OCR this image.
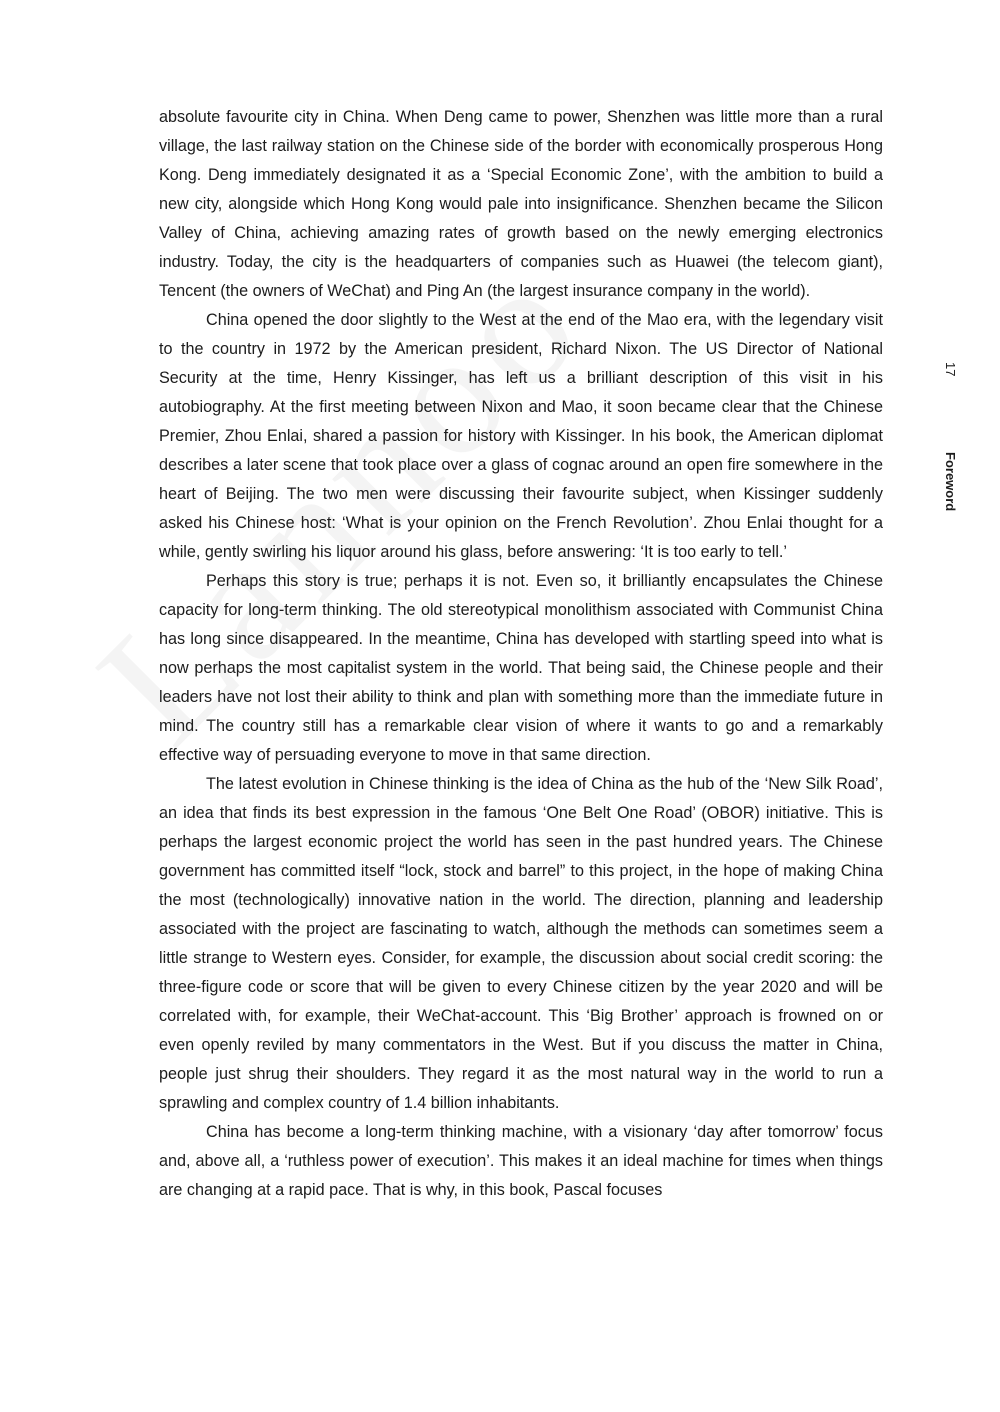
absolute favourite city in China. When Deng came to power, Shenzhen was little more than a rural village, the last railway station on the Chinese side of the border with economically prosperous Hong Kong. Deng immediately designated it as a ‘Special Economic Zone’, with the ambition to build a new city, alongside which Hong Kong would pale into insignificance. Shenzhen became the Silicon Valley of China, achieving amazing rates of growth based on the newly emerging electronics industry. Today, the city is the headquarters of companies such as Huawei (the telecom giant), Tencent (the owners of WeChat) and Ping An (the largest insurance company in the world).

China opened the door slightly to the West at the end of the Mao era, with the legendary visit to the country in 1972 by the American president, Richard Nixon. The US Director of National Security at the time, Henry Kissinger, has left us a brilliant description of this visit in his autobiography. At the first meeting between Nixon and Mao, it soon became clear that the Chinese Premier, Zhou Enlai, shared a passion for history with Kissinger. In his book, the American diplomat describes a later scene that took place over a glass of cognac around an open fire somewhere in the heart of Beijing. The two men were discussing their favourite subject, when Kissinger suddenly asked his Chinese host: ‘What is your opinion on the French Revolution’. Zhou Enlai thought for a while, gently swirling his liquor around his glass, before answering: ‘It is too early to tell.’

Perhaps this story is true; perhaps it is not. Even so, it brilliantly encapsulates the Chinese capacity for long-term thinking. The old stereotypical monolithism associated with Communist China has long since disappeared. In the meantime, China has developed with startling speed into what is now perhaps the most capitalist system in the world. That being said, the Chinese people and their leaders have not lost their ability to think and plan with something more than the immediate future in mind. The country still has a remarkable clear vision of where it wants to go and a remarkably effective way of persuading everyone to move in that same direction.

The latest evolution in Chinese thinking is the idea of China as the hub of the ‘New Silk Road’, an idea that finds its best expression in the famous ‘One Belt One Road’ (OBOR) initiative. This is perhaps the largest economic project the world has seen in the past hundred years. The Chinese government has committed itself “lock, stock and barrel” to this project, in the hope of making China the most (technologically) innovative nation in the world. The direction, planning and leadership associated with the project are fascinating to watch, although the methods can sometimes seem a little strange to Western eyes. Consider, for example, the discussion about social credit scoring: the three-figure code or score that will be given to every Chinese citizen by the year 2020 and will be correlated with, for example, their WeChat-account. This ‘Big Brother’ approach is frowned on or even openly reviled by many commentators in the West. But if you discuss the matter in China, people just shrug their shoulders. They regard it as the most natural way in the world to run a sprawling and complex country of 1.4 billion inhabitants.

China has become a long-term thinking machine, with a visionary ‘day after tomorrow’ focus and, above all, a ‘ruthless power of execution’. This makes it an ideal machine for times when things are changing at a rapid pace. That is why, in this book, Pascal focuses

17
Foreword
